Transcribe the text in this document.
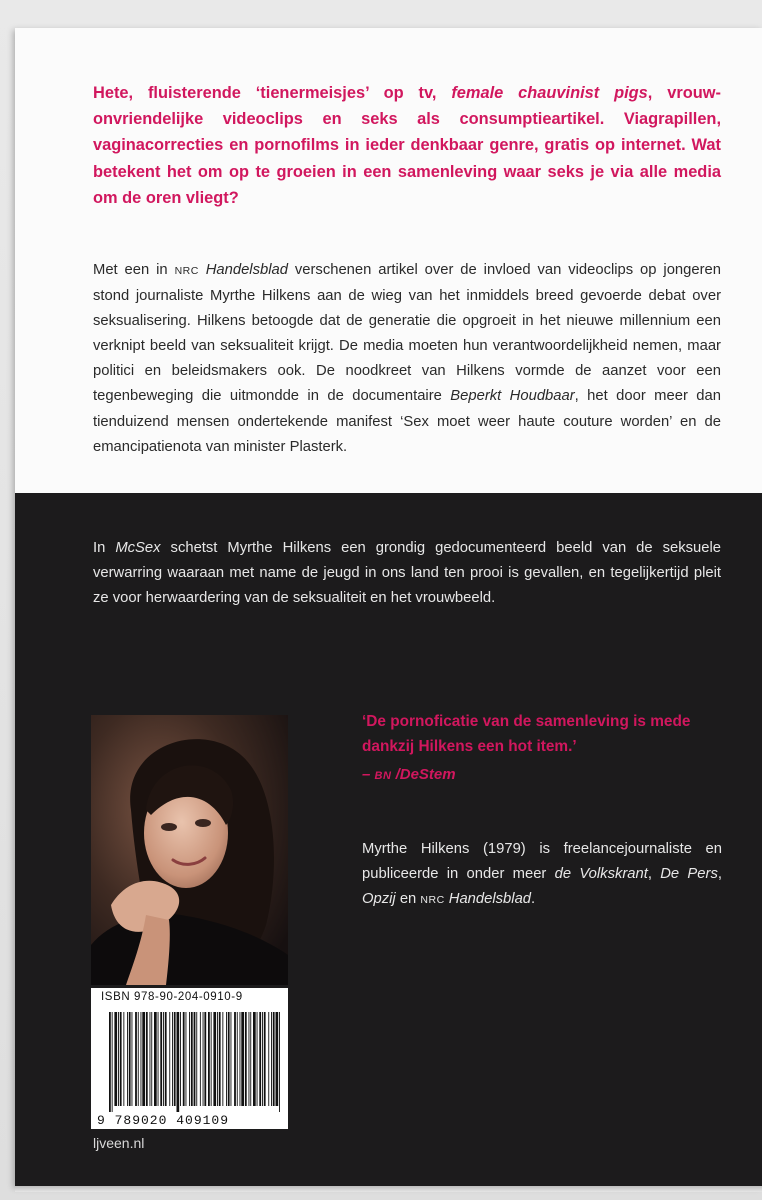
Hete, fluisterende ‘tienermeisjes’ op tv, female chauvinist pigs, vrouwonvriendelijke videoclips en seks als consumptieartikel. Viagrapillen, vaginacorrecties en pornofilms in ieder denkbaar genre, gratis op internet. Wat betekent het om op te groeien in een samenleving waar seks je via alle media om de oren vliegt?

Met een in NRC Handelsblad verschenen artikel over de invloed van videoclips op jongeren stond journaliste Myrthe Hilkens aan de wieg van het inmiddels breed gevoerde debat over seksualisering. Hilkens betoogde dat de generatie die opgroeit in het nieuwe millennium een verknipt beeld van seksualiteit krijgt. De media moeten hun verantwoordelijkheid nemen, maar politici en beleidsmakers ook. De noodkreet van Hilkens vormde de aanzet voor een tegenbeweging die uitmondde in de documentaire Beperkt Houdbaar, het door meer dan tienduizend mensen ondertekende manifest ‘Sex moet weer haute couture worden’ en de emancipatienota van minister Plasterk.

In McSex schetst Myrthe Hilkens een grondig gedocumenteerd beeld van de seksuele verwarring waaraan met name de jeugd in ons land ten prooi is gevallen, en tegelijkertijd pleit ze voor herwaardering van de seksualiteit en het vrouwbeeld.

‘De pornoficatie van de samenleving is mede dankzij Hilkens een hot item.’

– BN /DeStem

Myrthe Hilkens (1979) is freelancejournaliste en publiceerde in onder meer de Volkskrant, De Pers, Opzij en NRC Handelsblad.

ISBN 978-90-204-0910-9

9 789020 409109

ljveen.nl
